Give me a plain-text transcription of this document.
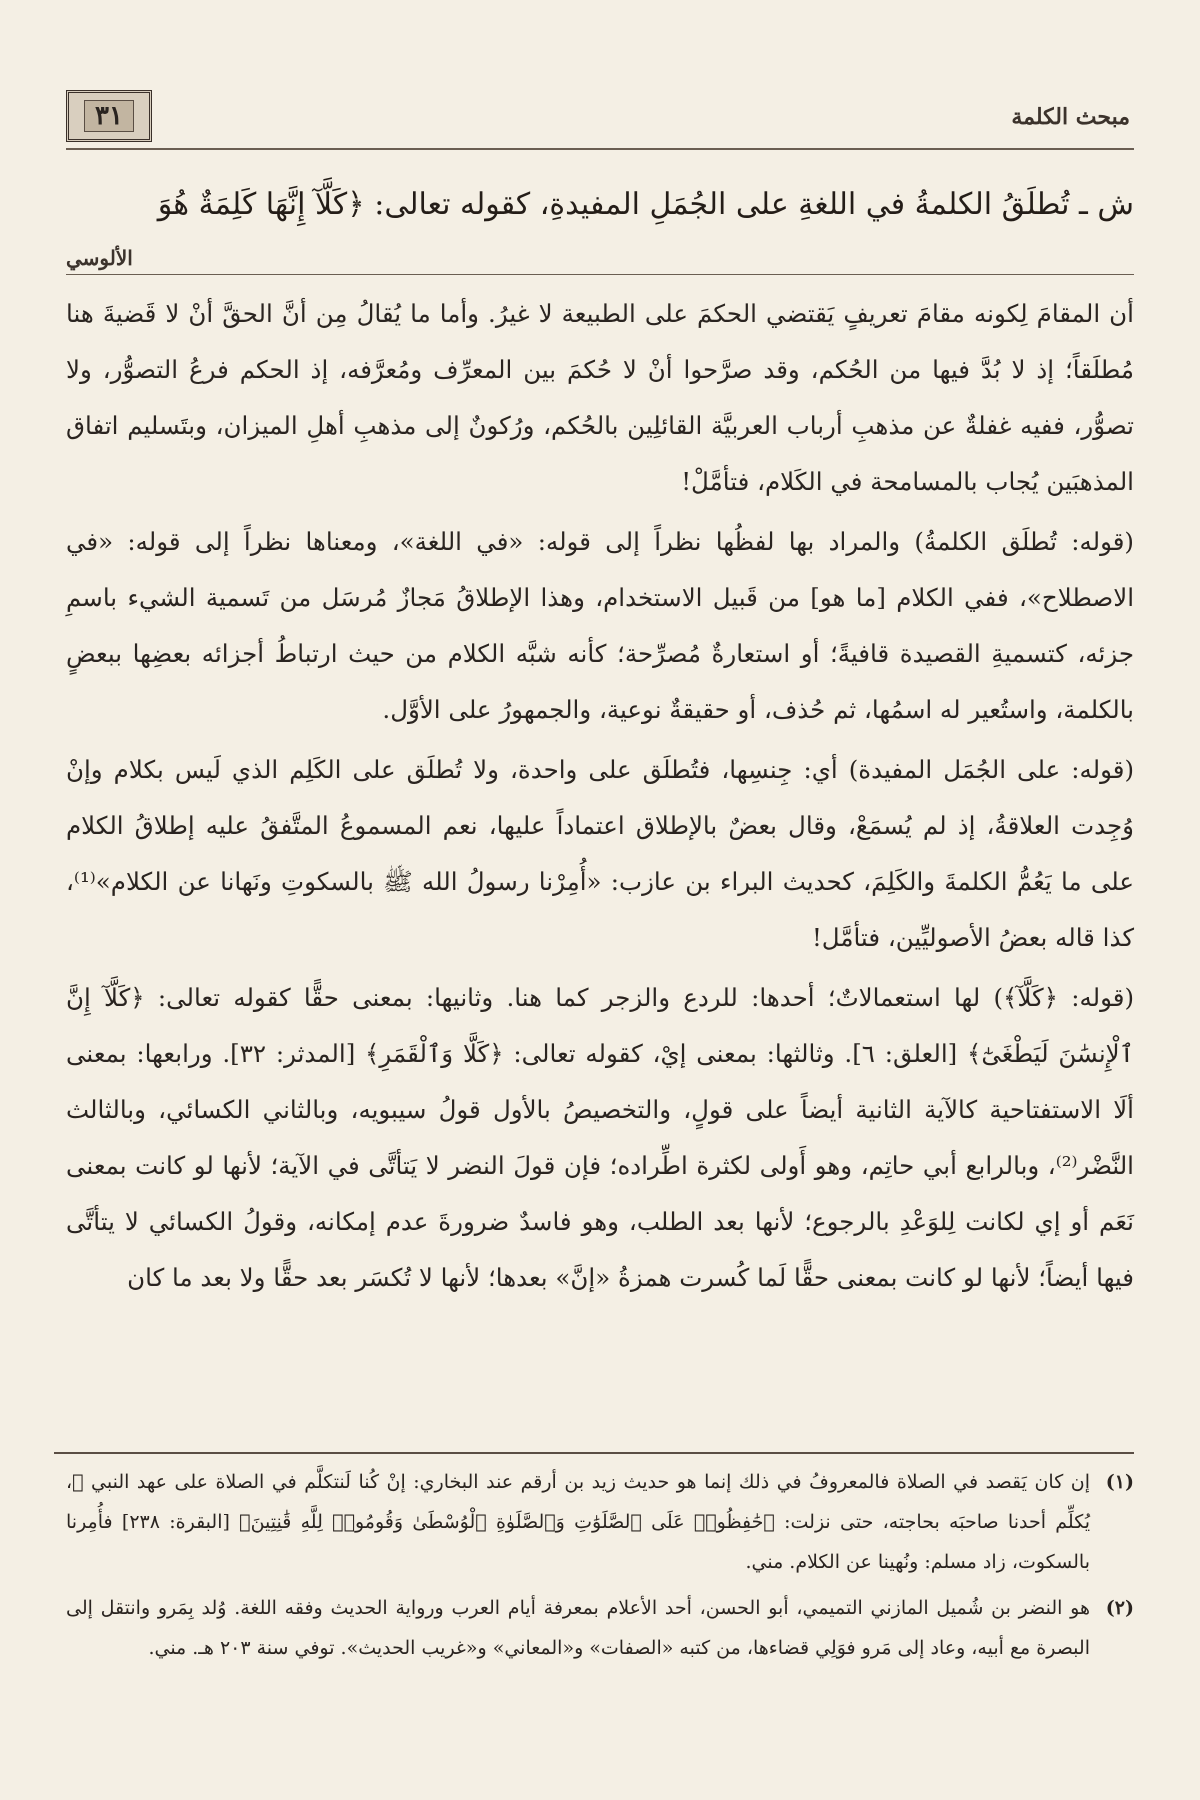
مبحث الكلمة
٣١
ش ـ تُطلَقُ الكلمةُ في اللغةِ على الجُمَلِ المفيدةِ، كقوله تعالى: ﴿كَلَّآ إِنَّهَا كَلِمَةٌ هُوَ
الألوسي

أن المقامَ لِكونه مقامَ تعريفٍ يَقتضي الحكمَ على الطبيعة لا غيرُ. وأما ما يُقالُ مِن أنَّ الحقَّ أنْ لا قَضيةَ هنا مُطلَقاً؛ إذ لا بُدَّ فيها من الحُكم، وقد صرَّحوا أنْ لا حُكمَ بين المعرِّف ومُعرَّفه، إذ الحكم فرعُ التصوُّر، ولا تصوُّر، ففيه غفلةٌ عن مذهبِ أرباب العربيَّة القائلِين بالحُكم، ورُكونٌ إلى مذهبِ أهلِ الميزان، وبتَسليم اتفاق المذهبَين يُجاب بالمسامحة في الكَلام، فتأمَّلْ!

(قوله: تُطلَق الكلمةُ) والمراد بها لفظُها نظراً إلى قوله: «في اللغة»، ومعناها نظراً إلى قوله: «في الاصطلاح»، ففي الكلام [ما هو] من قَبيل الاستخدام، وهذا الإطلاقُ مَجازٌ مُرسَل من تَسمية الشيء باسمِ جزئه، كتسميةِ القصيدة قافيةً؛ أو استعارةٌ مُصرِّحة؛ كأنه شبَّه الكلام من حيث ارتباطُ أجزائه بعضِها ببعضٍ بالكلمة، واستُعير له اسمُها، ثم حُذف، أو حقيقةٌ نوعية، والجمهورُ على الأوَّل.

(قوله: على الجُمَل المفيدة) أي: جِنسِها، فتُطلَق على واحدة، ولا تُطلَق على الكَلِم الذي لَيس بكلام وإنْ وُجِدت العلاقةُ، إذ لم يُسمَعْ، وقال بعضٌ بالإطلاق اعتماداً عليها، نعم المسموعُ المتَّفقُ عليه إطلاقُ الكلام على ما يَعُمُّ الكلمةَ والكَلِمَ، كحديث البراء بن عازب: «أُمِرْنا رسولُ الله ﷺ بالسكوتِ ونَهانا عن الكلام»⁽¹⁾، كذا قاله بعضُ الأصوليِّين، فتأمَّل!

(قوله: ﴿كَلَّآ﴾) لها استعمالاتٌ؛ أحدها: للردع والزجر كما هنا. وثانيها: بمعنى حقًّا كقوله تعالى: ﴿كَلَّآ إِنَّ ٱلْإِنسَٰنَ لَيَطْغَىٰٓ﴾ [العلق: ٦]. وثالثها: بمعنى إيْ، كقوله تعالى: ﴿كَلَّا وَٱلْقَمَرِ﴾ [المدثر: ٣٢]. ورابعها: بمعنى ألَا الاستفتاحية كالآية الثانية أيضاً على قولٍ، والتخصيصُ بالأول قولُ سيبويه، وبالثاني الكسائي، وبالثالث النَّضْر⁽²⁾، وبالرابع أبي حاتِم، وهو أَولى لكثرة اطِّراده؛ فإن قولَ النضر لا يَتأتَّى في الآية؛ لأنها لو كانت بمعنى نَعَم أو إي لكانت لِلوَعْدِ بالرجوع؛ لأنها بعد الطلب، وهو فاسدٌ ضرورةَ عدم إمكانه، وقولُ الكسائي لا يتأتَّى فيها أيضاً؛ لأنها لو كانت بمعنى حقًّا لَما كُسرت همزةُ «إنَّ» بعدها؛ لأنها لا تُكسَر بعد حقًّا ولا بعد ما كان

(١)
إن كان يَقصد في الصلاة فالمعروفُ في ذلك إنما هو حديث زيد بن أرقم عند البخاري: إنْ كُنا لَنتكلَّم في الصلاة على عهد النبي ﷺ، يُكلِّم أحدنا صاحبَه بحاجته، حتى نزلت: ﴿حَٰفِظُوا۟ عَلَى ٱلصَّلَوَٰتِ وَٱلصَّلَوٰةِ ٱلْوُسْطَىٰ وَقُومُوا۟ لِلَّهِ قَٰنِتِينَ﴾ [البقرة: ٢٣٨] فأُمِرنا بالسكوت، زاد مسلم: ونُهينا عن الكلام. مني.
(٢)
هو النضر بن شُميل المازني التميمي، أبو الحسن، أحد الأعلام بمعرفة أيام العرب ورواية الحديث وفقه اللغة. وُلد بِمَرو وانتقل إلى البصرة مع أبيه، وعاد إلى مَرو فوَلِي قضاءها، من كتبه «الصفات» و«المعاني» و«غريب الحديث». توفي سنة ٢٠٣ هـ. مني.
